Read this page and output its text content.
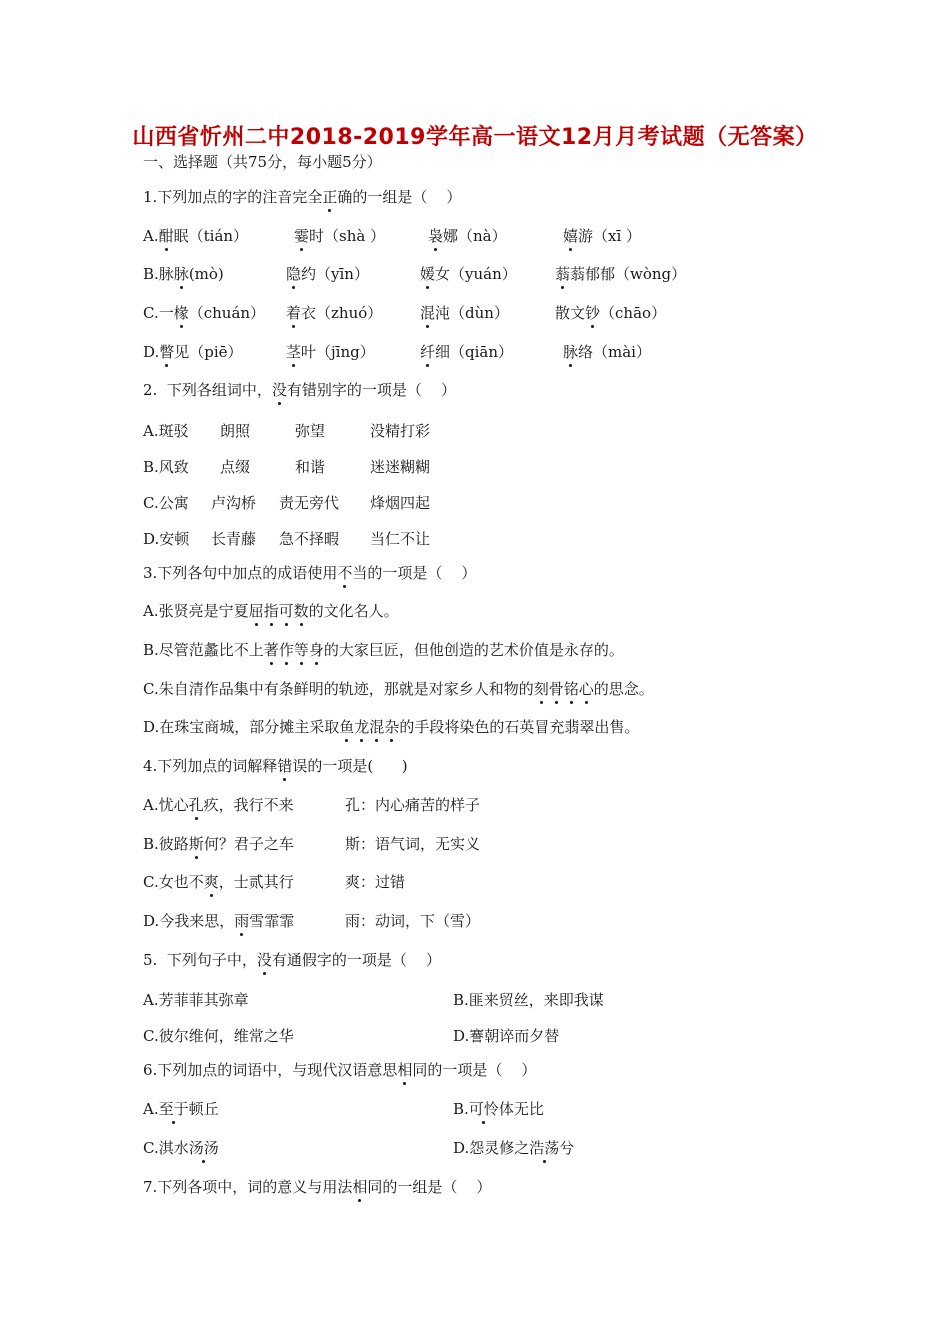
山西省忻州二中2018-2019学年高一语文12月月考试题（无答案）
一、选择题（共75分，每小题5分）
1.下列加点的字的注音完全正确的一组是（    ）
A.酣眠（tián）	霎时（shà ）	袅娜（nà）	嬉游（xī ）
B.脉脉(mò)	隐约（yīn）	媛女（yuán）	蓊蓊郁郁（wòng）
C.一椽（chuán） 着衣（zhuó）	混沌（dùn）	散文钞（chāo）
D.瞥见（piē）	茎叶（jīng）	纤细（qiān）	脉络（mài）
2.  下列各组词中，没有错别字的一项是（    ）
A.斑驳 朗照	弥望	没精打彩
B.风致 点缀	和谐	迷迷糊糊
C.公寓 卢沟桥 责无旁代 烽烟四起
D.安顿 长青藤 急不择暇 当仁不让
3.下列各句中加点的成语使用不当的一项是（    ）
A.张贤亮是宁夏屈指可数的文化名人。
B.尽管范蠡比不上著作等身的大家巨匠，但他创造的艺术价值是永存的。
C.朱自清作品集中有条鲜明的轨迹，那就是对家乡人和物的刻骨铭心的思念。
D.在珠宝商城，部分摊主采取鱼龙混杂的手段将染色的石英冒充翡翠出售。
4.下列加点的词解释错误的一项是(      )
A.忧心孔疚，我行不来	孔：内心痛苦的样子
B.彼路斯何？君子之车	斯：语气词，无实义
C.女也不爽，士贰其行	爽：过错
D.今我来思，雨雪霏霏	雨：动词，下（雪）
5.  下列句子中，没有通假字的一项是（    ）
A.芳菲菲其弥章	B.匪来贸丝，来即我谋
C.彼尔维何，维常之华	D.謇朝谇而夕替
6.下列加点的词语中，与现代汉语意思相同的一项是（    ）
A.至于顿丘	B.可怜体无比
C.淇水汤汤	D.怨灵修之浩荡兮
7.下列各项中，词的意义与用法相同的一组是（    ）
